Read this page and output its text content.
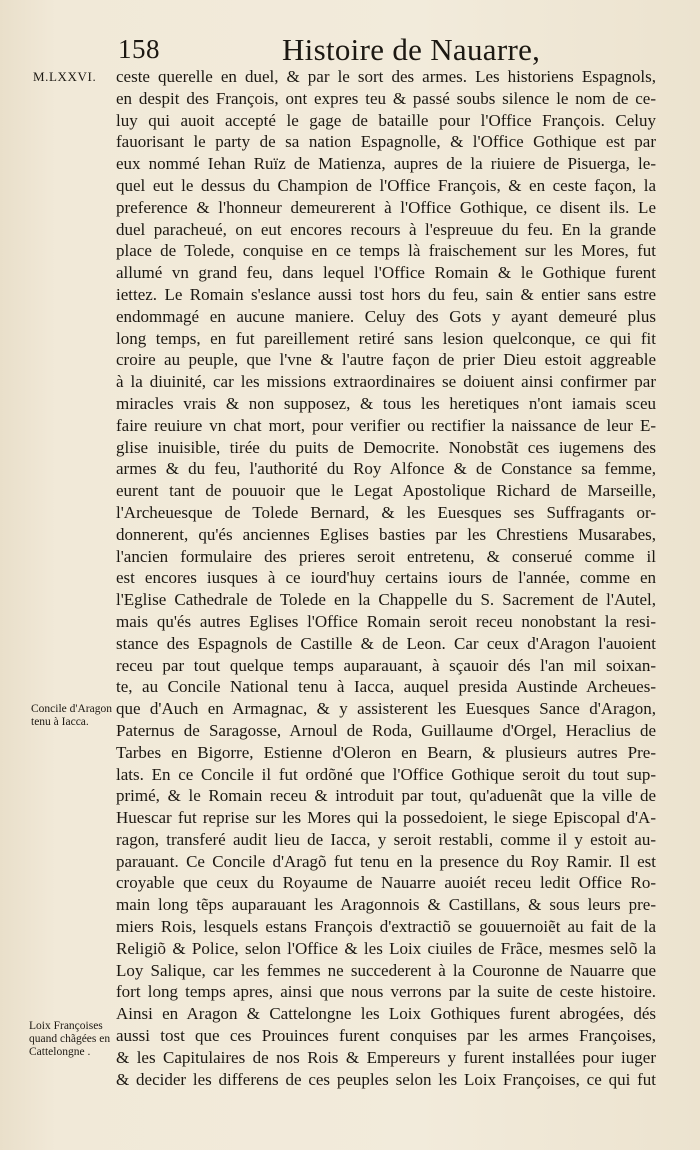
158	Histoire de Nauarre,
M.LXXVI.
Concile d'Aragon
tenu à Iacca.
Loix Françoises
quand chãgées en
Cattelongne .
ceste querelle en duel, & par le sort des armes. Les historiens Espagnols,
en despit des François, ont expres teu & passé soubs silence le nom de ce-
luy qui auoit accepté le gage de bataille pour l'Office François. Celuy
fauorisant le party de sa nation Espagnolle, & l'Office Gothique est par
eux nommé Iehan Ruïz de Matienza, aupres de la riuiere de Pisuerga, le-
quel eut le dessus du Champion de l'Office François, & en ceste façon, la
preference & l'honneur demeurerent à l'Office Gothique, ce disent ils. Le
duel paracheué, on eut encores recours à l'espreuue du feu. En la grande
place de Tolede, conquise en ce temps là fraischement sur les Mores, fut
allumé vn grand feu, dans lequel l'Office Romain & le Gothique furent
iettez. Le Romain s'eslance aussi tost hors du feu, sain & entier sans estre
endommagé en aucune maniere. Celuy des Gots y ayant demeuré plus
long temps, en fut pareillement retiré sans lesion quelconque, ce qui fit
croire au peuple, que l'vne & l'autre façon de prier Dieu estoit aggreable
à la diuinité, car les missions extraordinaires se doiuent ainsi confirmer par
miracles vrais & non supposez, & tous les heretiques n'ont iamais sceu
faire reuiure vn chat mort, pour verifier ou rectifier la naissance de leur E-
glise inuisible, tirée du puits de Democrite. Nonobstãt ces iugemens des
armes & du feu, l'authorité du Roy Alfonce & de Constance sa femme,
eurent tant de pouuoir que le Legat Apostolique Richard de Marseille,
l'Archeuesque de Tolede Bernard, & les Euesques ses Suffragants or-
donnerent, qu'és anciennes Eglises basties par les Chrestiens Musarabes,
l'ancien formulaire des prieres seroit entretenu, & conserué comme il
est encores iusques à ce iourd'huy certains iours de l'année, comme en
l'Eglise Cathedrale de Tolede en la Chappelle du S. Sacrement de l'Autel,
mais qu'és autres Eglises l'Office Romain seroit receu nonobstant la resi-
stance des Espagnols de Castille & de Leon. Car ceux d'Aragon l'auoient
receu par tout quelque temps auparauant, à sçauoir dés l'an mil soixan-
te, au Concile National tenu à Iacca, auquel presida Austinde Archeues-
que d'Auch en Armagnac, & y assisterent les Euesques Sance d'Aragon,
Paternus de Saragosse, Arnoul de Roda, Guillaume d'Orgel, Heraclius de
Tarbes en Bigorre, Estienne d'Oleron en Bearn, & plusieurs autres Pre-
lats. En ce Concile il fut ordõné que l'Office Gothique seroit du tout sup-
primé, & le Romain receu & introduit par tout, qu'aduenãt que la ville de
Huescar fut reprise sur les Mores qui la possedoient, le siege Episcopal d'A-
ragon, transferé audit lieu de Iacca, y seroit restabli, comme il y estoit au-
parauant. Ce Concile d'Aragõ fut tenu en la presence du Roy Ramir. Il est
croyable que ceux du Royaume de Nauarre auoiét receu ledit Office Ro-
main long tẽps auparauant les Aragonnois & Castillans, & sous leurs pre-
miers Rois, lesquels estans François d'extractiõ se gouuernoiẽt au fait de la
Religiõ & Police, selon l'Office & les Loix ciuiles de Frãce, mesmes selõ la
Loy Salique, car les femmes ne succederent à la Couronne de Nauarre que
fort long temps apres, ainsi que nous verrons par la suite de ceste histoire.
Ainsi en Aragon & Cattelongne les Loix Gothiques furent abrogées, dés
aussi tost que ces Prouinces furent conquises par les armes Françoises,
& les Capitulaires de nos Rois & Empereurs y furent installées pour iuger
& decider les differens de ces peuples selon les Loix Françoises, ce qui fut
